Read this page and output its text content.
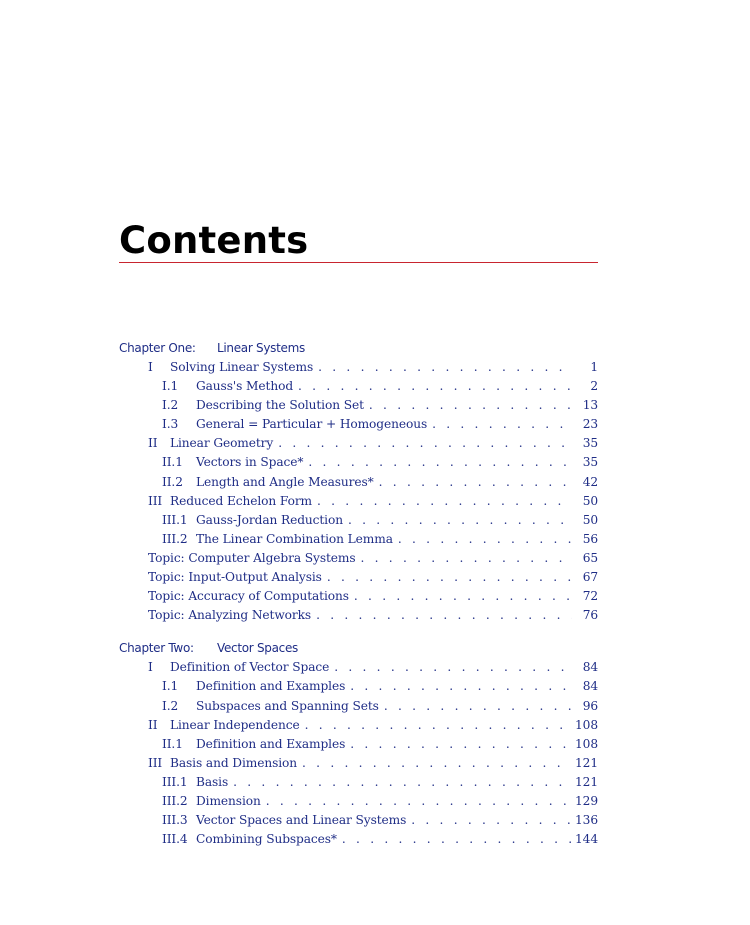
Contents
Chapter One: Linear Systems
I	Solving Linear Systems . . .	1
I.1	Gauss's Method . . .	2
I.2	Describing the Solution Set . . .	13
I.3	General = Particular + Homogeneous . . .	23
II	Linear Geometry . . .	35
II.1	Vectors in Space* . . .	35
II.2	Length and Angle Measures* . . .	42
III Reduced Echelon Form . . .	50
III.1 Gauss-Jordan Reduction . . .	50
III.2 The Linear Combination Lemma . . .	56
Topic: Computer Algebra Systems . . .	65
Topic: Input-Output Analysis . . .	67
Topic: Accuracy of Computations . . .	72
Topic: Analyzing Networks . . .	76
Chapter Two: Vector Spaces
I	Definition of Vector Space . . .	84
I.1	Definition and Examples . . .	84
I.2	Subspaces and Spanning Sets . . .	96
II	Linear Independence . . .	108
II.1	Definition and Examples . . .	108
III Basis and Dimension . . .	121
III.1 Basis . . .	121
III.2 Dimension . . .	129
III.3 Vector Spaces and Linear Systems . . .	136
III.4 Combining Subspaces* . . .	144
